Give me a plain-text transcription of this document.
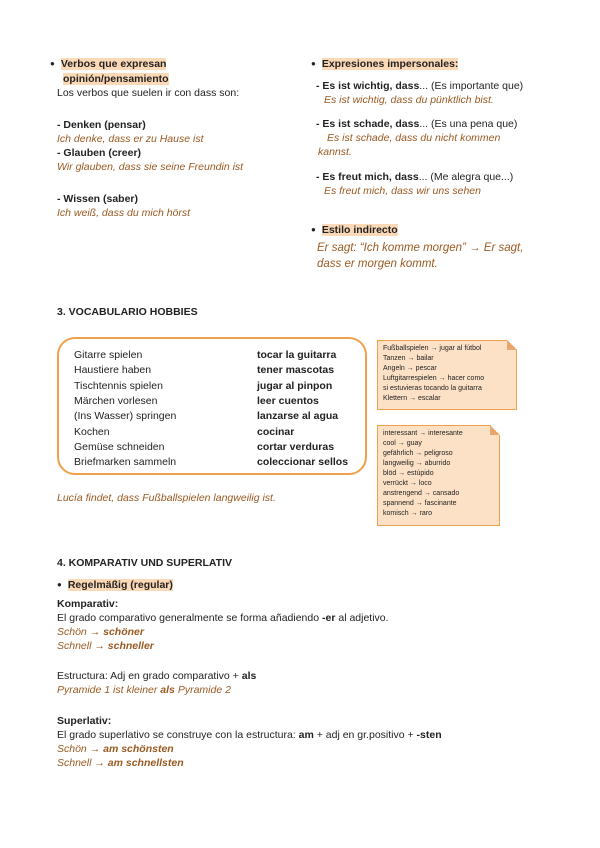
● Verbos que expresan
opinión/pensamiento
Los verbos que suelen ir con dass son:
- Denken (pensar)
Ich denke, dass er zu Hause ist
- Glauben (creer)
Wir glauben, dass sie seine Freundin ist
- Wissen (saber)
Ich weiß, dass du mich hörst
● Expresiones impersonales:
- Es ist wichtig, dass... (Es importante que)
Es ist wichtig, dass du pünktlich bist.
- Es ist schade, dass... (Es una pena que)
Es ist schade, dass du nicht kommen
kannst.
- Es freut mich, dass... (Me alegra que...)
Es freut mich, dass wir uns sehen
● Estilo indirecto
Er sagt: “Ich komme morgen” → Er sagt,
dass er morgen kommt.
3. VOCABULARIO HOBBIES
Gitarre spielen	tocar la guitarra
Haustiere haben	tener mascotas
Tischtennis spielen	jugar al pinpon
Märchen vorlesen	leer cuentos
(Ins Wasser) springen	lanzarse al agua
Kochen	cocinar
Gemüse schneiden	cortar verduras
Briefmarken sammeln	coleccionar sellos
Fußballspielen → jugar al fútbol
Tanzen → bailar
Angeln → pescar
Luftgitarrespielen → hacer como
si estuvieras tocando la guitarra
Klettern → escalar
interessant → interesante
cool → guay
gefährlich → peligroso
langweilig → aburrido
blöd → estúpido
verrückt → loco
anstrengend → cansado
spannend → fascinante
komisch → raro
Lucía findet, dass Fußballspielen langweilig ist.
4. KOMPARATIV UND SUPERLATIV
● Regelmäßig (regular)
Komparativ:
El grado comparativo generalmente se forma añadiendo -er al adjetivo.
Schön → schöner
Schnell → schneller
Estructura: Adj en grado comparativo + als
Pyramide 1 ist kleiner als Pyramide 2
Superlativ:
El grado superlativo se construye con la estructura: am + adj en gr.positivo + -sten
Schön → am schönsten
Schnell → am schnellsten
